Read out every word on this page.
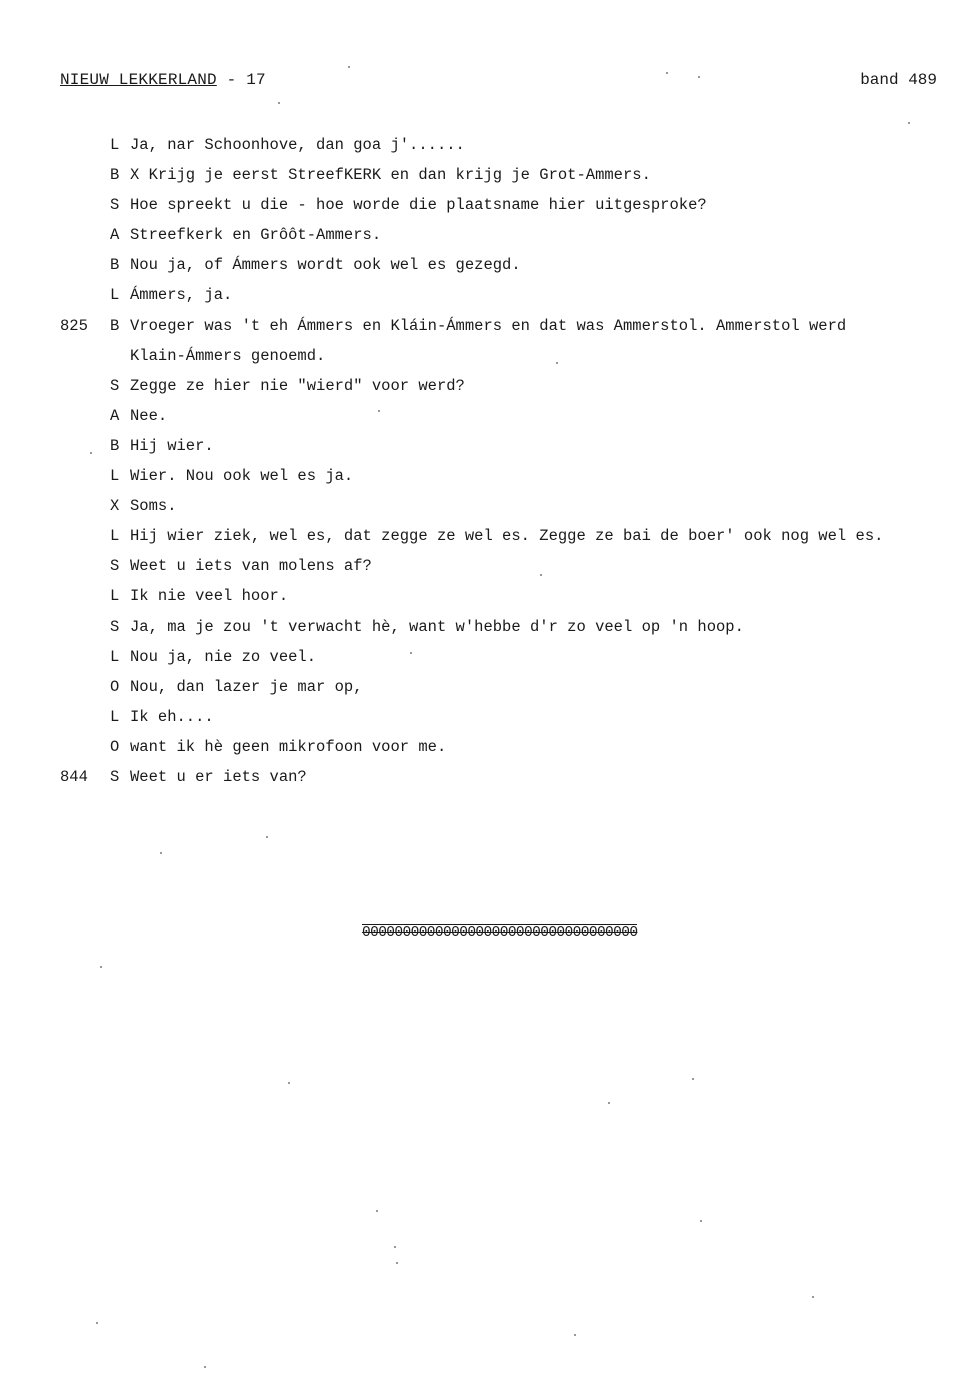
NIEUW LEKKERLAND - 17	band 489
L Ja, nar Schoonhove, dan goa j'......
B X Krijg je eerst StreefKERK en dan krijg je Grot-Ammers.
S Hoe spreekt u die - hoe worde die plaatsname hier uitgesproke?
A Streefkerk en Grôôt-Ammers.
B Nou ja, of Ámmers wordt ook wel es gezegd.
L Ámmers, ja.
825 B Vroeger was 't eh Ámmers en Kláin-Ámmers en dat was Ammerstol. Ammerstol werd
Klain-Ámmers genoemd.
S Zegge ze hier nie "wierd" voor werd?
A Nee.
B Hij wier.
L Wier. Nou ook wel es ja.
X Soms.
L Hij wier ziek, wel es, dat zegge ze wel es. Zegge ze bai de boer' ook nog wel es.
S Weet u iets van molens af?
L Ik nie veel hoor.
S Ja, ma je zou 't verwacht hè, want w'hebbe d'r zo veel op 'n hoop.
L Nou ja, nie zo veel.
O Nou, dan lazer je mar op,
L Ik eh....
O want ik hè geen mikrofoon voor me.
844 S Weet u er iets van?
0000000000000000000000000000000000
